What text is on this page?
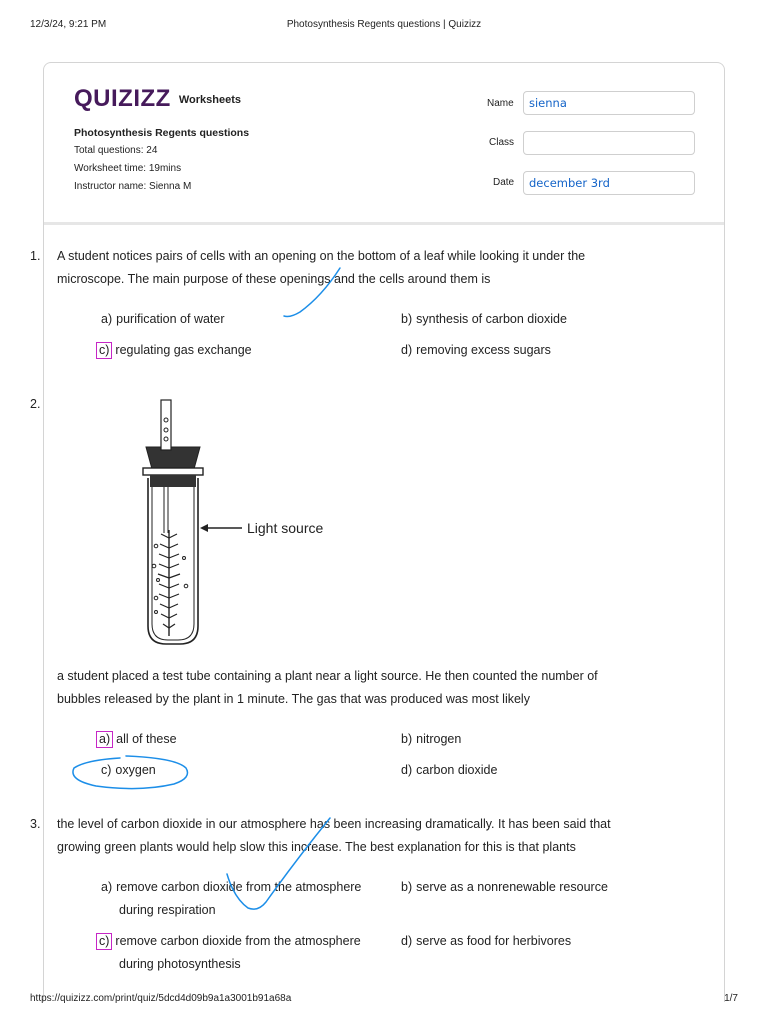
12/3/24, 9:21 PM	Photosynthesis Regents questions | Quizizz
QUIZIZZ Worksheets
Photosynthesis Regents questions
Total questions: 24
Worksheet time: 19mins
Instructor name: Sienna M
Name	sienna
Class
Date	december 3rd
1.	A student notices pairs of cells with an opening on the bottom of a leaf while looking it under the
microscope. The main purpose of these openings and the cells around them is
a) purification of water	b) synthesis of carbon dioxide
c) regulating gas exchange	d) removing excess sugars
2.
Light source
a student placed a test tube containing a plant near a light source. He then counted the number of
bubbles released by the plant in 1 minute. The gas that was produced was most likely
a) all of these	b) nitrogen
c) oxygen	d) carbon dioxide
3.	the level of carbon dioxide in our atmosphere has been increasing dramatically. It has been said that
growing green plants would help slow this increase. The best explanation for this is that plants
a) remove carbon dioxide from the atmosphere
during respiration
b) serve as a nonrenewable resource
c) remove carbon dioxide from the atmosphere
during photosynthesis
d) serve as food for herbivores
https://quizizz.com/print/quiz/5dcd4d09b9a1a3001b91a68a	1/7
